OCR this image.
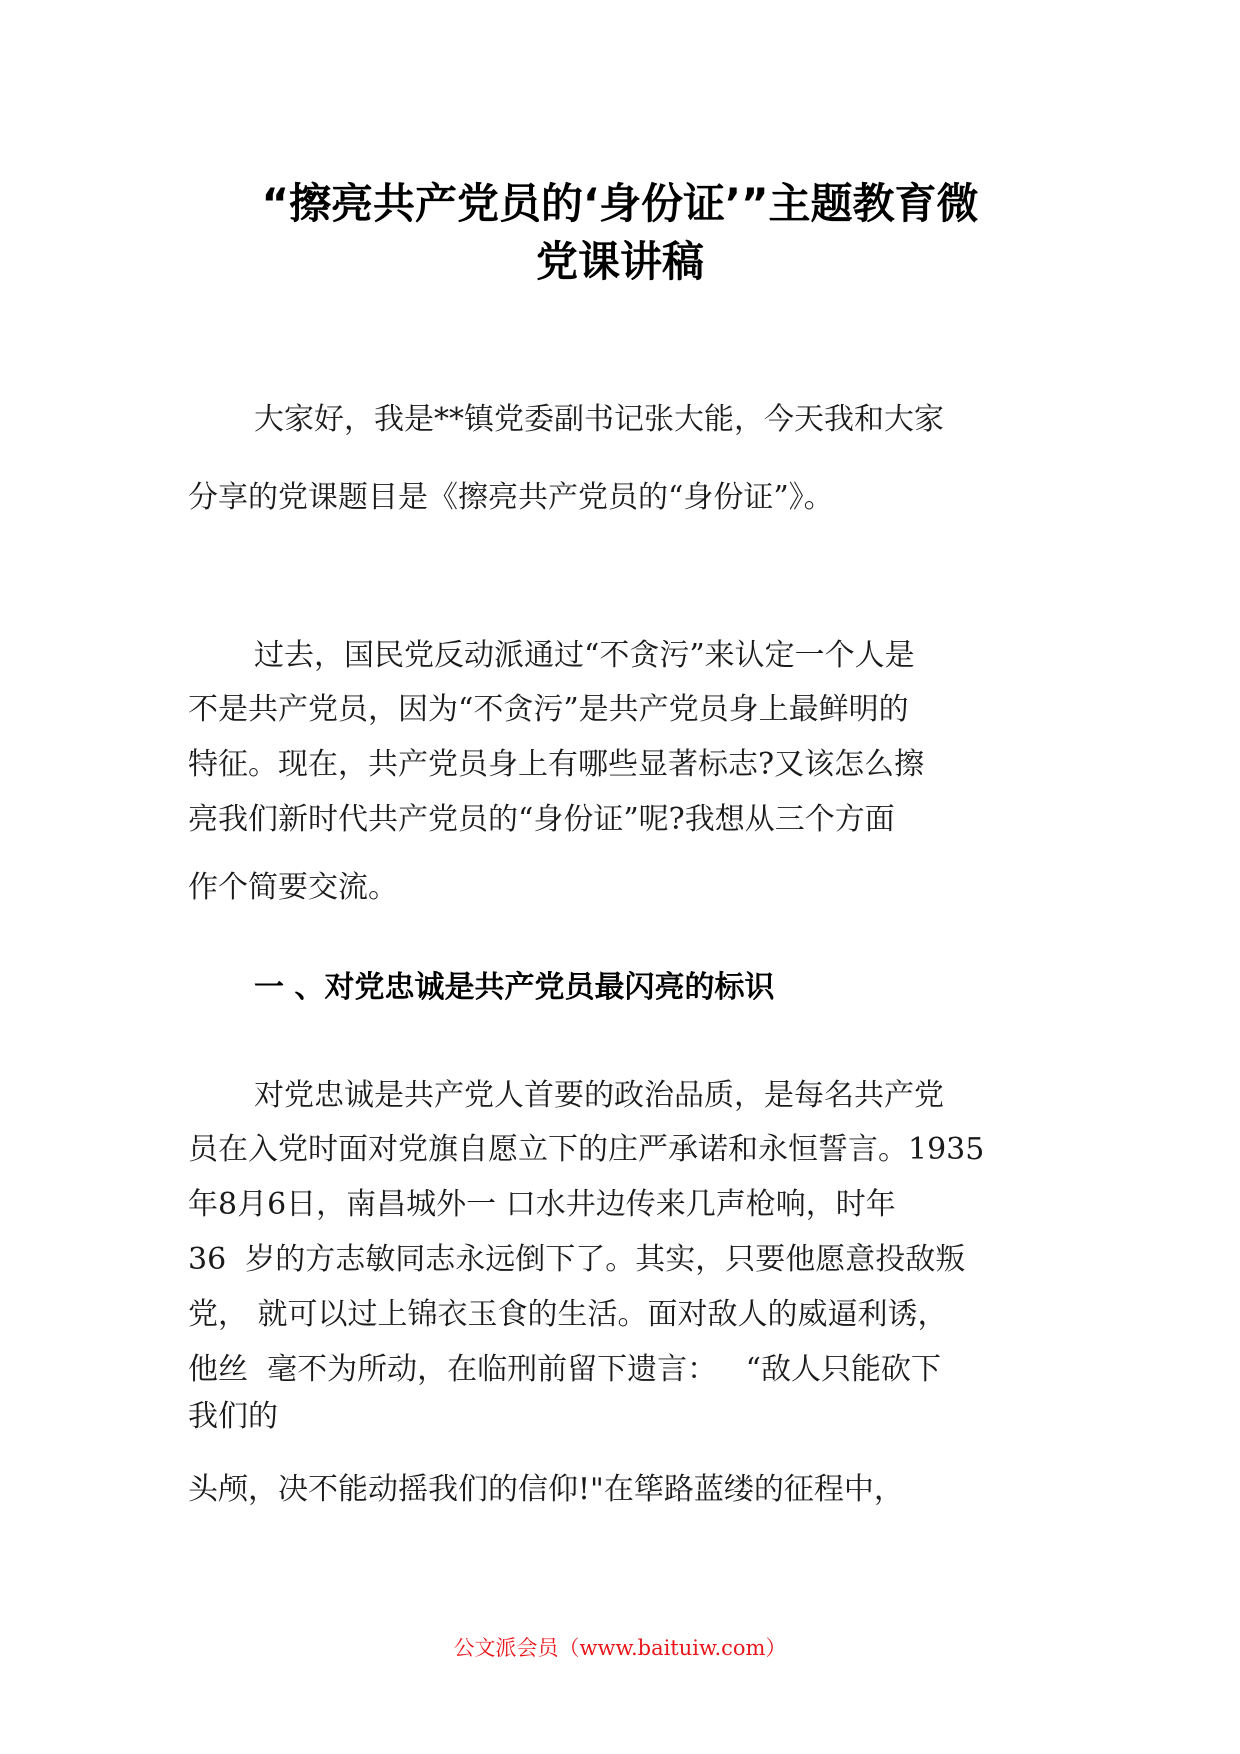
“擦亮共产党员的‘身份证’”主题教育微
党课讲稿

大家好，我是**镇党委副书记张大能，今天我和大家

分享的党课题目是《擦亮共产党员的“身份证”》。

过去，国民党反动派通过“不贪污”来认定一个人是

不是共产党员，因为“不贪污”是共产党员身上最鲜明的

特征。现在，共产党员身上有哪些显著标志?又该怎么擦

亮我们新时代共产党员的“身份证”呢?我想从三个方面

作个简要交流。

一 、对党忠诚是共产党员最闪亮的标识

对党忠诚是共产党人首要的政治品质，是每名共产党

员在入党时面对党旗自愿立下的庄严承诺和永恒誓言。1935

年8月6日，南昌城外一 口水井边传来几声枪响，时年

36  岁的方志敏同志永远倒下了。其实，只要他愿意投敌叛

党， 就可以过上锦衣玉食的生活。面对敌人的威逼利诱，

他丝  毫不为所动，在临刑前留下遗言：   “敌人只能砍下

我们的

头颅，决不能动摇我们的信仰!"在筚路蓝缕的征程中，

公文派会员（www.baituiw.com）
